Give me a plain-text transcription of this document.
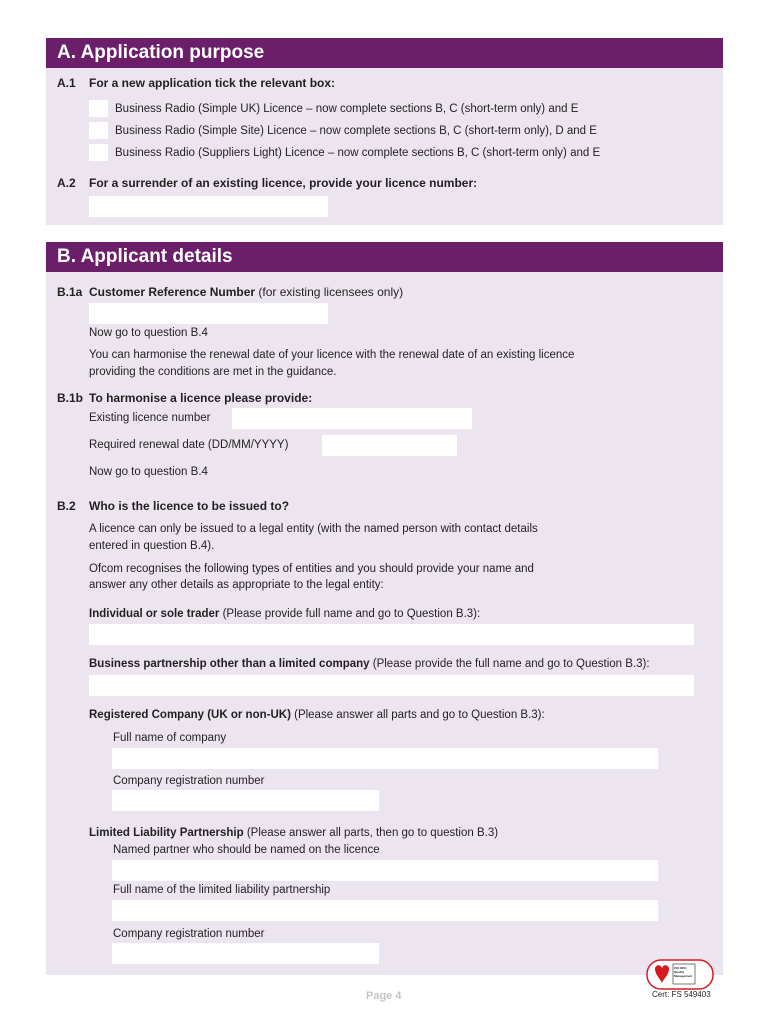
A. Application purpose
A.1 For a new application tick the relevant box:
Business Radio (Simple UK) Licence – now complete sections B, C (short-term only) and E
Business Radio (Simple Site) Licence – now complete sections B, C (short-term only), D and E
Business Radio (Suppliers Light) Licence – now complete sections B, C (short-term only) and E
A.2 For a surrender of an existing licence, provide your licence number:
B. Applicant details
B.1a Customer Reference Number (for existing licensees only)
Now go to question B.4
You can harmonise the renewal date of your licence with the renewal date of an existing licence
providing the conditions are met in the guidance.
B.1b To harmonise a licence please provide:
Existing licence number
Required renewal date (DD/MM/YYYY)
Now go to question B.4
B.2 Who is the licence to be issued to?
A licence can only be issued to a legal entity (with the named person with contact details
entered in question B.4).
Ofcom recognises the following types of entities and you should provide your name and
answer any other details as appropriate to the legal entity:
Individual or sole trader (Please provide full name and go to Question B.3):
Business partnership other than a limited company (Please provide the full name and go to Question B.3):
Registered Company (UK or non-UK) (Please answer all parts and go to Question B.3):
Full name of company
Company registration number
Limited Liability Partnership (Please answer all parts, then go to question B.3)
Named partner who should be named on the licence
Full name of the limited liability partnership
Company registration number
Page 4
ISO 9001 Quality Management
Cert: FS 549403
